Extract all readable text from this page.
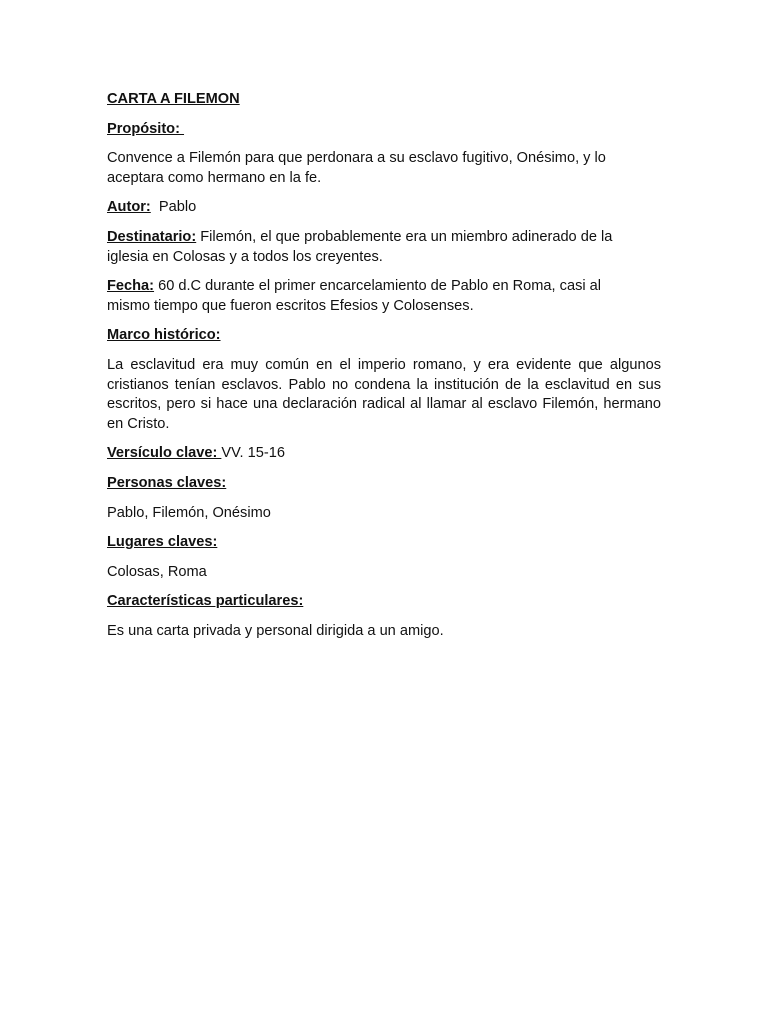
CARTA A FILEMON

Propósito:

Convence a Filemón para que perdonara a su esclavo fugitivo, Onésimo, y lo aceptara como hermano en la fe.

Autor:  Pablo

Destinatario: Filemón, el que probablemente era un miembro adinerado de la iglesia en Colosas y a todos los creyentes.

Fecha: 60 d.C durante el primer encarcelamiento de Pablo en Roma, casi al mismo tiempo que fueron escritos Efesios y Colosenses.

Marco histórico:

La esclavitud era muy común en el imperio romano, y era evidente que algunos cristianos tenían esclavos. Pablo no condena la institución de la esclavitud en sus escritos, pero si hace una declaración radical al llamar al esclavo Filemón, hermano en Cristo.

Versículo clave: VV. 15-16

Personas claves:

Pablo, Filemón, Onésimo

Lugares claves:

Colosas, Roma

Características particulares:

Es una carta privada y personal dirigida a un amigo.
